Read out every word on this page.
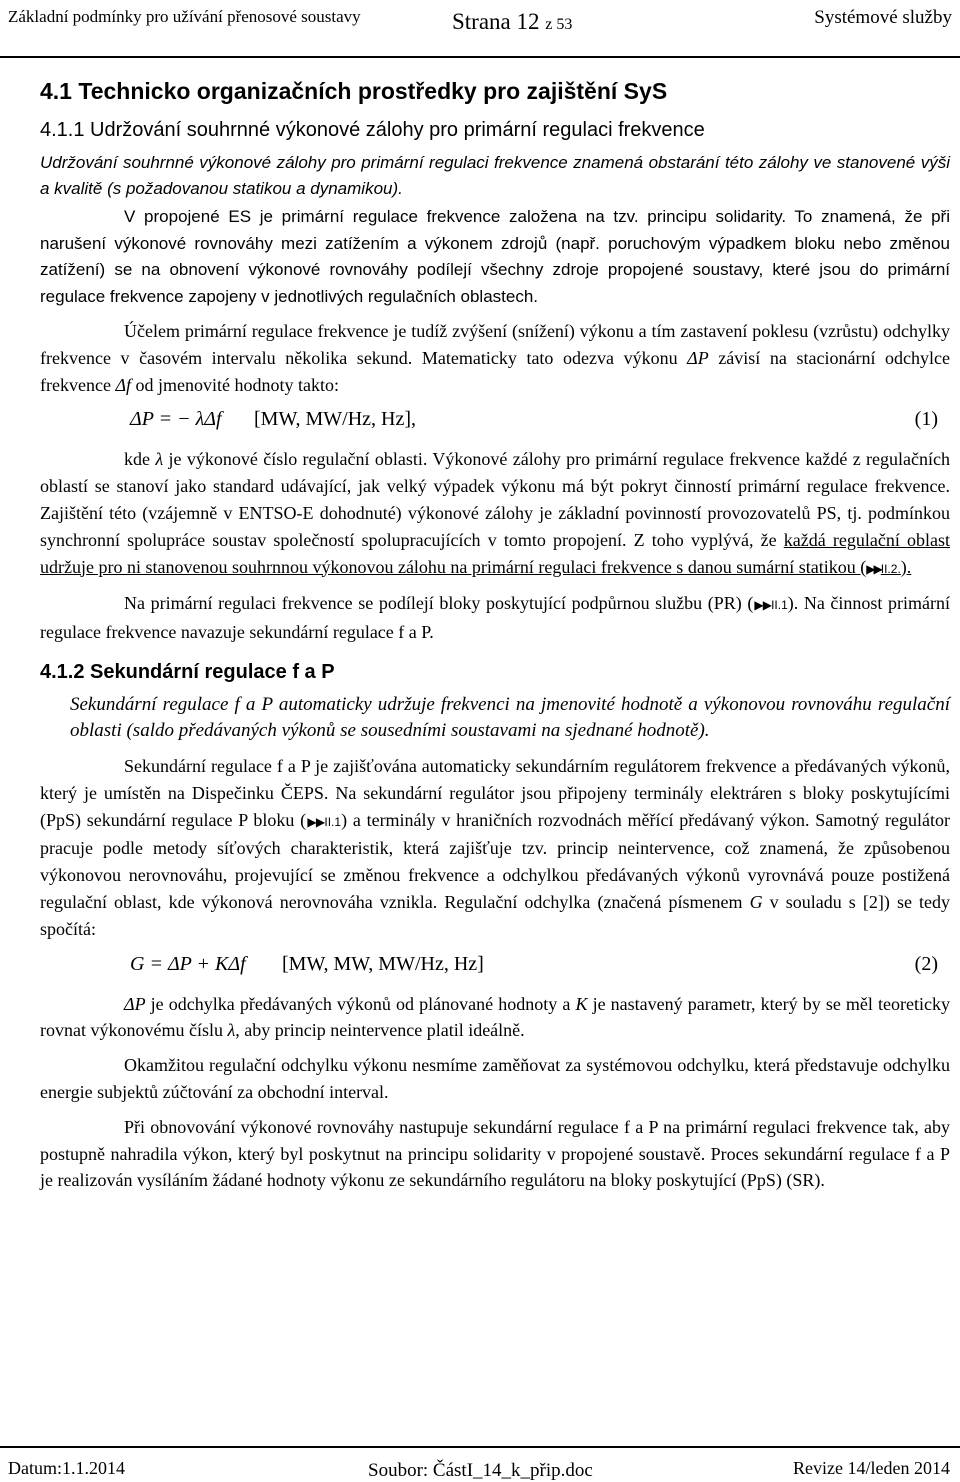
Základní podmínky pro užívání přenosové soustavy	Strana 12 z 53	Systémové služby
4.1 Technicko organizačních prostředky pro zajištění SyS
4.1.1 Udržování souhrnné výkonové zálohy pro primární regulaci frekvence

Udržování souhrnné výkonové zálohy pro primární regulaci frekvence znamená obstarání této zálohy ve stanovené výši a kvalitě (s požadovanou statikou a dynamikou).

V propojené ES je primární regulace frekvence založena na tzv. principu solidarity. To znamená, že při narušení výkonové rovnováhy mezi zatížením a výkonem zdrojů (např. poruchovým výpadkem bloku nebo změnou zatížení) se na obnovení výkonové rovnováhy podílejí všechny zdroje propojené soustavy, které jsou do primární regulace frekvence zapojeny v jednotlivých regulačních oblastech.

Účelem primární regulace frekvence je tudíž zvýšení (snížení) výkonu a tím zastavení poklesu (vzrůstu) odchylky frekvence v časovém intervalu několika sekund. Matematicky tato odezva výkonu ΔP závisí na stacionární odchylce frekvence Δf od jmenovité hodnoty takto:

ΔP = − λΔf [MW, MW/Hz, Hz],	(1)

kde λ je výkonové číslo regulační oblasti. Výkonové zálohy pro primární regulace frekvence každé z regulačních oblastí se stanoví jako standard udávající, jak velký výpadek výkonu má být pokryt činností primární regulace frekvence. Zajištění této (vzájemně v ENTSO-E dohodnuté) výkonové zálohy je základní povinností provozovatelů PS, tj. podmínkou synchronní spolupráce soustav společností spolupracujících v tomto propojení. Z toho vyplývá, že každá regulační oblast udržuje pro ni stanovenou souhrnnou výkonovou zálohu na primární regulaci frekvence s danou sumární statikou (▶▶II.2.).

Na primární regulaci frekvence se podílejí bloky poskytující podpůrnou službu (PR) (▶▶II.1). Na činnost primární regulace frekvence navazuje sekundární regulace f a P.

4.1.2 Sekundární regulace f a P

Sekundární regulace f a P automaticky udržuje frekvenci na jmenovité hodnotě a výkonovou rovnováhu regulační oblasti (saldo předávaných výkonů se sousedními soustavami na sjednané hodnotě).

Sekundární regulace f a P je zajišťována automaticky sekundárním regulátorem frekvence a předávaných výkonů, který je umístěn na Dispečinku ČEPS. Na sekundární regulátor jsou připojeny terminály elektráren s bloky poskytujícími (PpS) sekundární regulace P bloku (▶▶II.1) a terminály v hraničních rozvodnách měřící předávaný výkon. Samotný regulátor pracuje podle metody síťových charakteristik, která zajišťuje tzv. princip neintervence, což znamená, že způsobenou výkonovou nerovnováhu, projevující se změnou frekvence a odchylkou předávaných výkonů vyrovnává pouze postižená regulační oblast, kde výkonová nerovnováha vznikla. Regulační odchylka (značená písmenem G v souladu s [2]) se tedy spočítá:

G = ΔP + KΔf [MW, MW, MW/Hz, Hz]	(2)

ΔP je odchylka předávaných výkonů od plánované hodnoty a K je nastavený parametr, který by se měl teoreticky rovnat výkonovému číslu λ, aby princip neintervence platil ideálně.

Okamžitou regulační odchylku výkonu nesmíme zaměňovat za systémovou odchylku, která představuje odchylku energie subjektů zúčtování za obchodní interval.

Při obnovování výkonové rovnováhy nastupuje sekundární regulace f a P na primární regulaci frekvence tak, aby postupně nahradila výkon, který byl poskytnut na principu solidarity v propojené soustavě. Proces sekundární regulace f a P je realizován vysíláním žádané hodnoty výkonu ze sekundárního regulátoru na bloky poskytující (PpS) (SR).

Datum:1.1.2014	Soubor: ČástI_14_k_přip.doc	Revize 14/leden 2014
